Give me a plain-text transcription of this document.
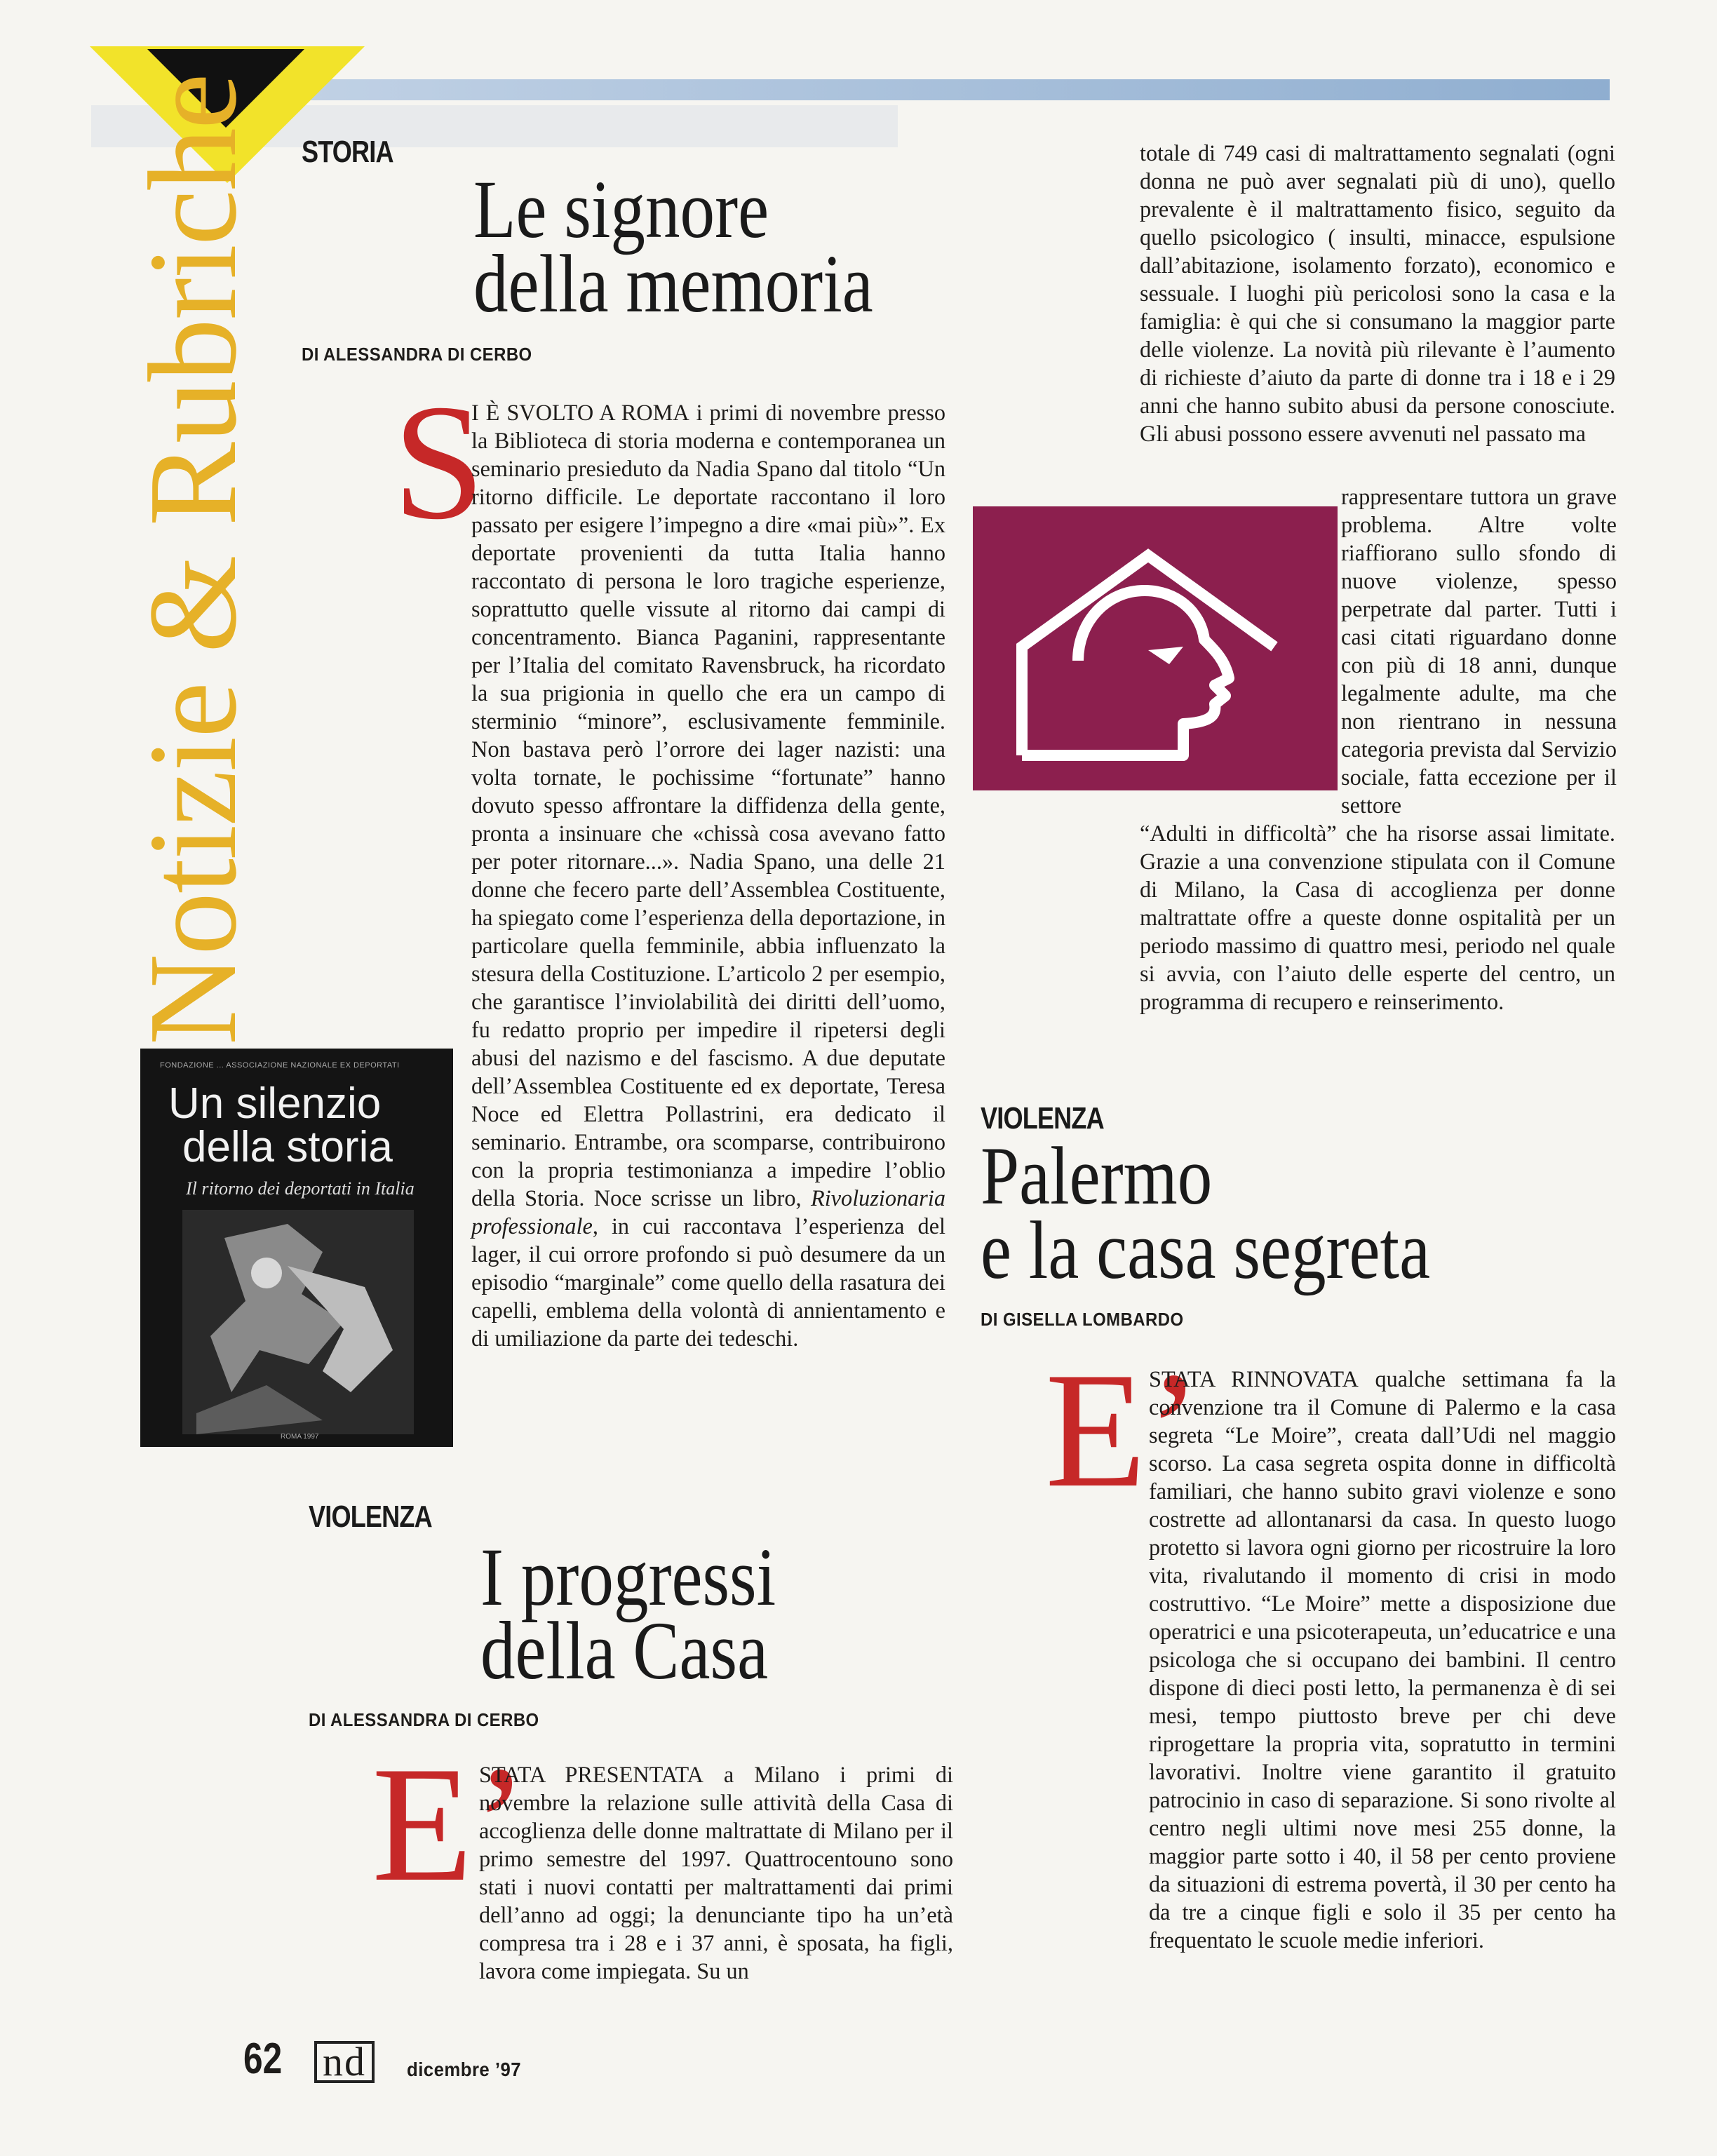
Notizie & Rubriche STORIA
Le signore
della memoria
DI ALESSANDRA DI CERBO
S
I È SVOLTO A ROMA i primi di novembre presso la Biblioteca di storia moderna e contemporanea un seminario presieduto da Nadia Spano dal titolo “Un ritorno difficile. Le deportate raccontano il loro passato per esigere l’impegno a dire «mai più»”. Ex deportate provenienti da tutta Italia hanno raccontato di persona le loro tragiche esperienze, soprattutto quelle vissute al ritorno dai campi di concentramento. Bianca Paganini, rappresentante per l’Italia del comitato Ravensbruck, ha ricordato la sua prigionia in quello che era un campo di sterminio “minore”, esclusivamente femminile. Non bastava però l’orrore dei lager nazisti: una volta tornate, le pochissime “fortunate” hanno dovuto spesso affrontare la diffidenza della gente, pronta a insinuare che «chissà cosa avevano fatto per poter ritornare...». Nadia Spano, una delle 21 donne che fecero parte dell’Assemblea Costituente, ha spiegato come l’esperienza della deportazione, in particolare quella femminile, abbia influenzato la stesura della Costituzione. L’articolo 2 per esempio, che garantisce l’inviolabilità dei diritti dell’uomo, fu redatto proprio per impedire il ripetersi degli abusi del nazismo e del fascismo. A due deputate dell’Assemblea Costituente ed ex deportate, Teresa Noce ed Elettra Pollastrini, era dedicato il seminario. Entrambe, ora scomparse, contribuirono con la propria testimonianza a impedire l’oblio della Storia. Noce scrisse un libro, Rivoluzionaria professionale, in cui raccontava l’esperienza del lager, il cui orrore profondo si può desumere da un episodio “marginale” come quello della rasatura dei capelli, emblema della volontà di annientamento e di umiliazione da parte dei tedeschi.
FONDAZIONE ... ASSOCIAZIONE NAZIONALE EX DEPORTATI
Un silenzio
della storia
Il ritorno dei deportati in Italia
ROMA 1997
VIOLENZA
I progressi
della Casa
DI ALESSANDRA DI CERBO
E’
STATA PRESENTATA a Milano i primi di novembre la relazione sulle attività della Casa di accoglienza delle donne maltrattate di Milano per il primo semestre del 1997. Quattrocentouno sono stati i nuovi contatti per maltrattamenti dai primi dell’anno ad oggi; la denunciante tipo ha un’età compresa tra i 28 e i 37 anni, è sposata, ha figli, lavora come impiegata. Su un
totale di 749 casi di maltrattamento segnalati (ogni donna ne può aver segnalati più di uno), quello prevalente è il maltrattamento fisico, seguito da quello psicologico ( insulti, minacce, espulsione dall’abitazione, isolamento forzato), economico e sessuale. I luoghi più pericolosi sono la casa e la famiglia: è qui che si consumano la maggior parte delle violenze. La novità più rilevante è l’aumento di richieste d’aiuto da parte di donne tra i 18 e i 29 anni che hanno subito abusi da persone conosciute. Gli abusi possono essere avvenuti nel passato ma
rappresentare tuttora un grave problema. Altre volte riaffiorano sullo sfondo di nuove violenze, spesso perpetrate dal parter. Tutti i casi citati riguardano donne con più di 18 anni, dunque legalmente adulte, ma che non rientrano in nessuna categoria prevista dal Servizio sociale, fatta eccezione per il settore
“Adulti in difficoltà” che ha risorse assai limitate. Grazie a una convenzione stipulata con il Comune di Milano, la Casa di accoglienza per donne maltrattate offre a queste donne ospitalità per un periodo massimo di quattro mesi, periodo nel quale si avvia, con l’aiuto delle esperte del centro, un programma di recupero e reinserimento.
VIOLENZA
Palermo
e la casa segreta
DI GISELLA LOMBARDO
E’
STATA RINNOVATA qualche settimana fa la convenzione tra il Comune di Palermo e la casa segreta “Le Moire”, creata dall’Udi nel maggio scorso. La casa segreta ospita donne in difficoltà familiari, che hanno subito gravi violenze e sono costrette ad allontanarsi da casa. In questo luogo protetto si lavora ogni giorno per ricostruire la loro vita, rivalutando il momento di crisi in modo costruttivo. “Le Moire” mette a disposizione due operatrici e una psicoterapeuta, un’educatrice e una psicologa che si occupano dei bambini. Il centro dispone di dieci posti letto, la permanenza è di sei mesi, tempo piuttosto breve per chi deve riprogettare la propria vita, sopratutto in termini lavorativi. Inoltre viene garantito il gratuito patrocinio in caso di separazione. Si sono rivolte al centro negli ultimi nove mesi 255 donne, la maggior parte sotto i 40, il 58 per cento proviene da situazioni di estrema povertà, il 30 per cento ha da tre a cinque figli e solo il 35 per cento ha frequentato le scuole medie inferiori.
62 nd	dicembre ’97
